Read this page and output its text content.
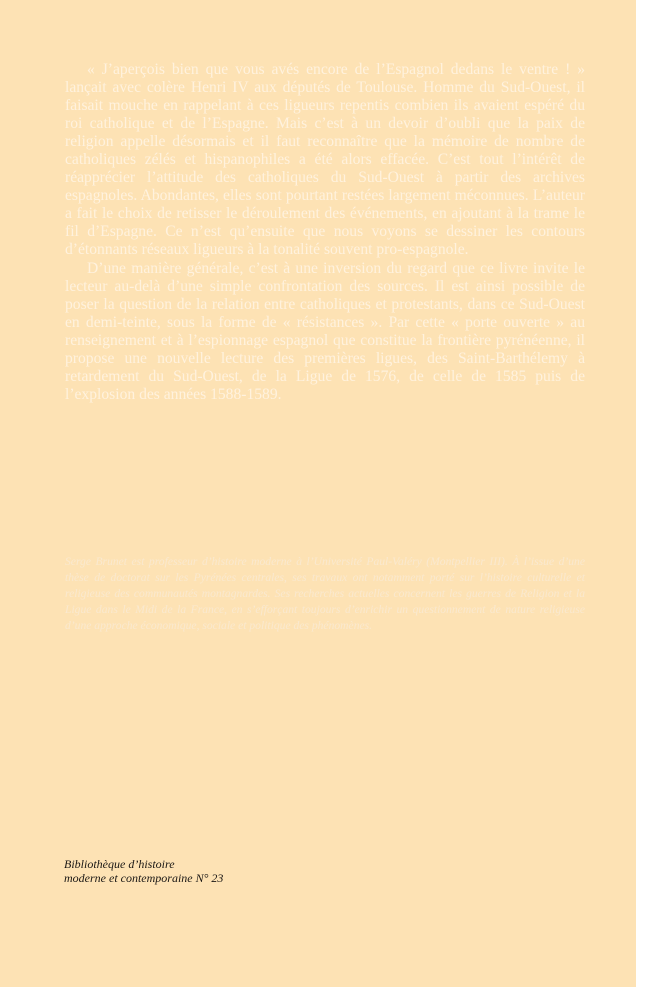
« J’aperçois bien que vous avés encore de l’Espagnol dedans le ventre ! » lançait avec colère Henri IV aux députés de Toulouse. Homme du Sud-Ouest, il faisait mouche en rappelant à ces ligueurs repentis combien ils avaient espéré du roi catholique et de l’Espagne. Mais c’est à un devoir d’oubli que la paix de religion appelle désormais et il faut reconnaître que la mémoire de nombre de catholiques zélés et hispanophiles a été alors effacée. C’est tout l’intérêt de réapprécier l’attitude des catholiques du Sud-Ouest à partir des archives espagnoles. Abondantes, elles sont pourtant restées largement méconnues. L’auteur a fait le choix de retisser le déroulement des événements, en ajoutant à la trame le fil d’Espagne. Ce n’est qu’ensuite que nous voyons se dessiner les contours d’étonnants réseaux ligueurs à la tonalité souvent pro-espagnole.

D’une manière générale, c’est à une inversion du regard que ce livre invite le lecteur au-delà d’une simple confrontation des sources. Il est ainsi possible de poser la question de la relation entre catholiques et protestants, dans ce Sud-Ouest en demi-teinte, sous la forme de « résistances ». Par cette « porte ouverte » au renseignement et à l’espionnage espagnol que constitue la frontière pyrénéenne, il propose une nouvelle lecture des premières ligues, des Saint-Barthélemy à retardement du Sud-Ouest, de la Ligue de 1576, de celle de 1585 puis de l’explosion des années 1588-1589.

Serge Brunet est professeur d’histoire moderne à l’Université Paul-Valéry (Montpellier III). À l’issue d’une thèse de doctorat sur les Pyrénées centrales, ses travaux ont notamment porté sur l’histoire culturelle et religieuse des communautés montagnardes. Ses recherches actuelles concernent les guerres de Religion et la Ligue dans le Midi de la France, en s’efforçant toujours d’enrichir un questionnement de nature religieuse d’une approche économique, sociale et politique des phénomènes.
Bibliothèque d’histoire
moderne et contemporaine N° 23
